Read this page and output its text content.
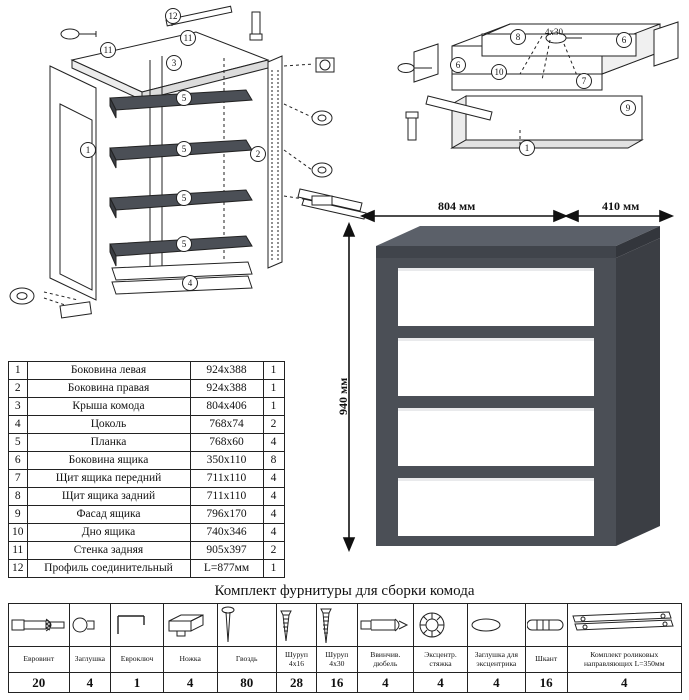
11
11
12
3
5
5
5
5
1	2
4
8
6
6
10
7
9
1
4х30
804 мм	410 мм
940 мм
1	Боковина левая	924х388	1
2	Боковина правая	924х388	1
3	Крыша комода	804х406	1
4	Цоколь	768х74	2
5	Планка	768х60	4
6	Боковина ящика	350х110	8
7	Щит ящика передний	711х110	4
8	Щит ящика задний	711х110	4
9	Фасад ящика	796х170	4
10	Дно ящика	740х346	4
11	Стенка задняя	905х397	2
12	Профиль соединительный	L=877мм	1
Комплект фурнитуры для сборки комода

Евровинт	Заглушка	Евроключ	Ножка	Гвоздь	Шуруп 4х16	Шуруп 4х30	Ввинчив. дюбель	Эксцентр. стяжка	Заглушка для эксцентрика	Шкант	Комплект роликовых направляющих L=350мм
20	4	1	4	80	28	16	4	4	4	16	4
